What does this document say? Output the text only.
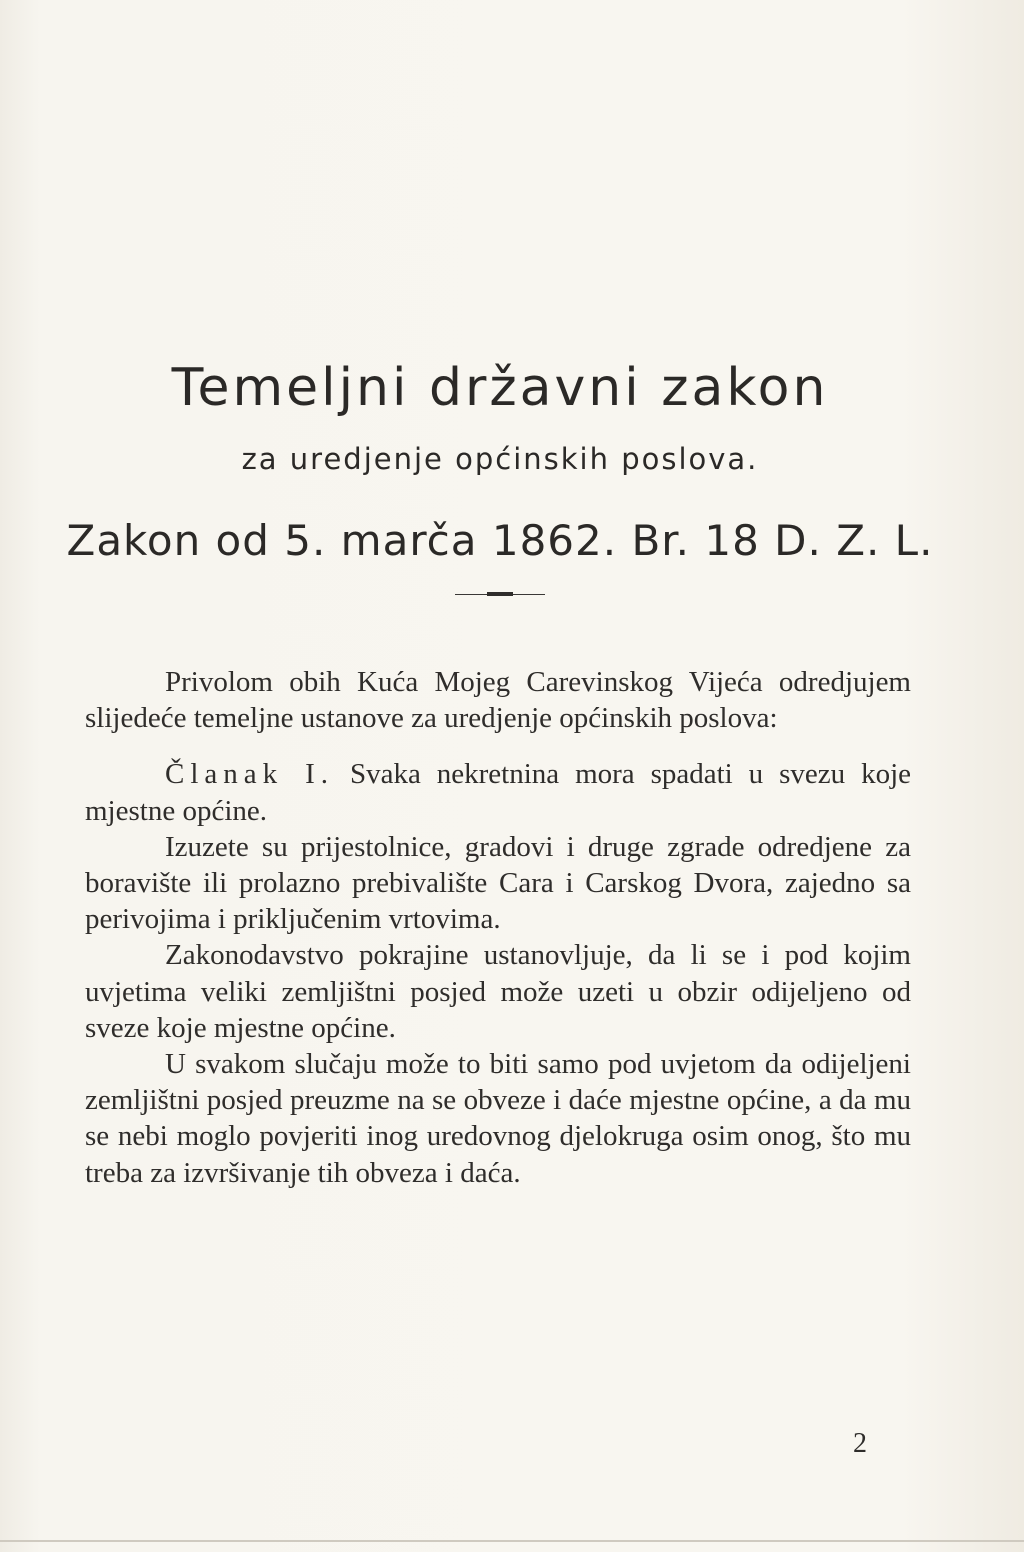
Temeljni državni zakon
za uredjenje općinskih poslova.
Zakon od 5. marča 1862. Br. 18 D. Z. L.

Privolom obih Kuća Mojeg Carevinskog Vijeća odredjujem slijedeće temeljne ustanove za uredjenje općinskih poslova:

Članak I. Svaka nekretnina mora spadati u svezu koje mjestne općine.

Izuzete su prijestolnice, gradovi i druge zgrade odredjene za boravište ili prolazno prebivalište Cara i Carskog Dvora, zajedno sa perivojima i priključenim vrtovima.

Zakonodavstvo pokrajine ustanovljuje, da li se i pod kojim uvjetima veliki zemljištni posjed može uzeti u obzir odijeljeno od sveze koje mjestne općine.

U svakom slučaju može to biti samo pod uvjetom da odijeljeni zemljištni posjed preuzme na se obveze i daće mjestne općine, a da mu se nebi moglo povjeriti inog uredovnog djelokruga osim onog, što mu treba za izvršivanje tih obveza i daća.

2
